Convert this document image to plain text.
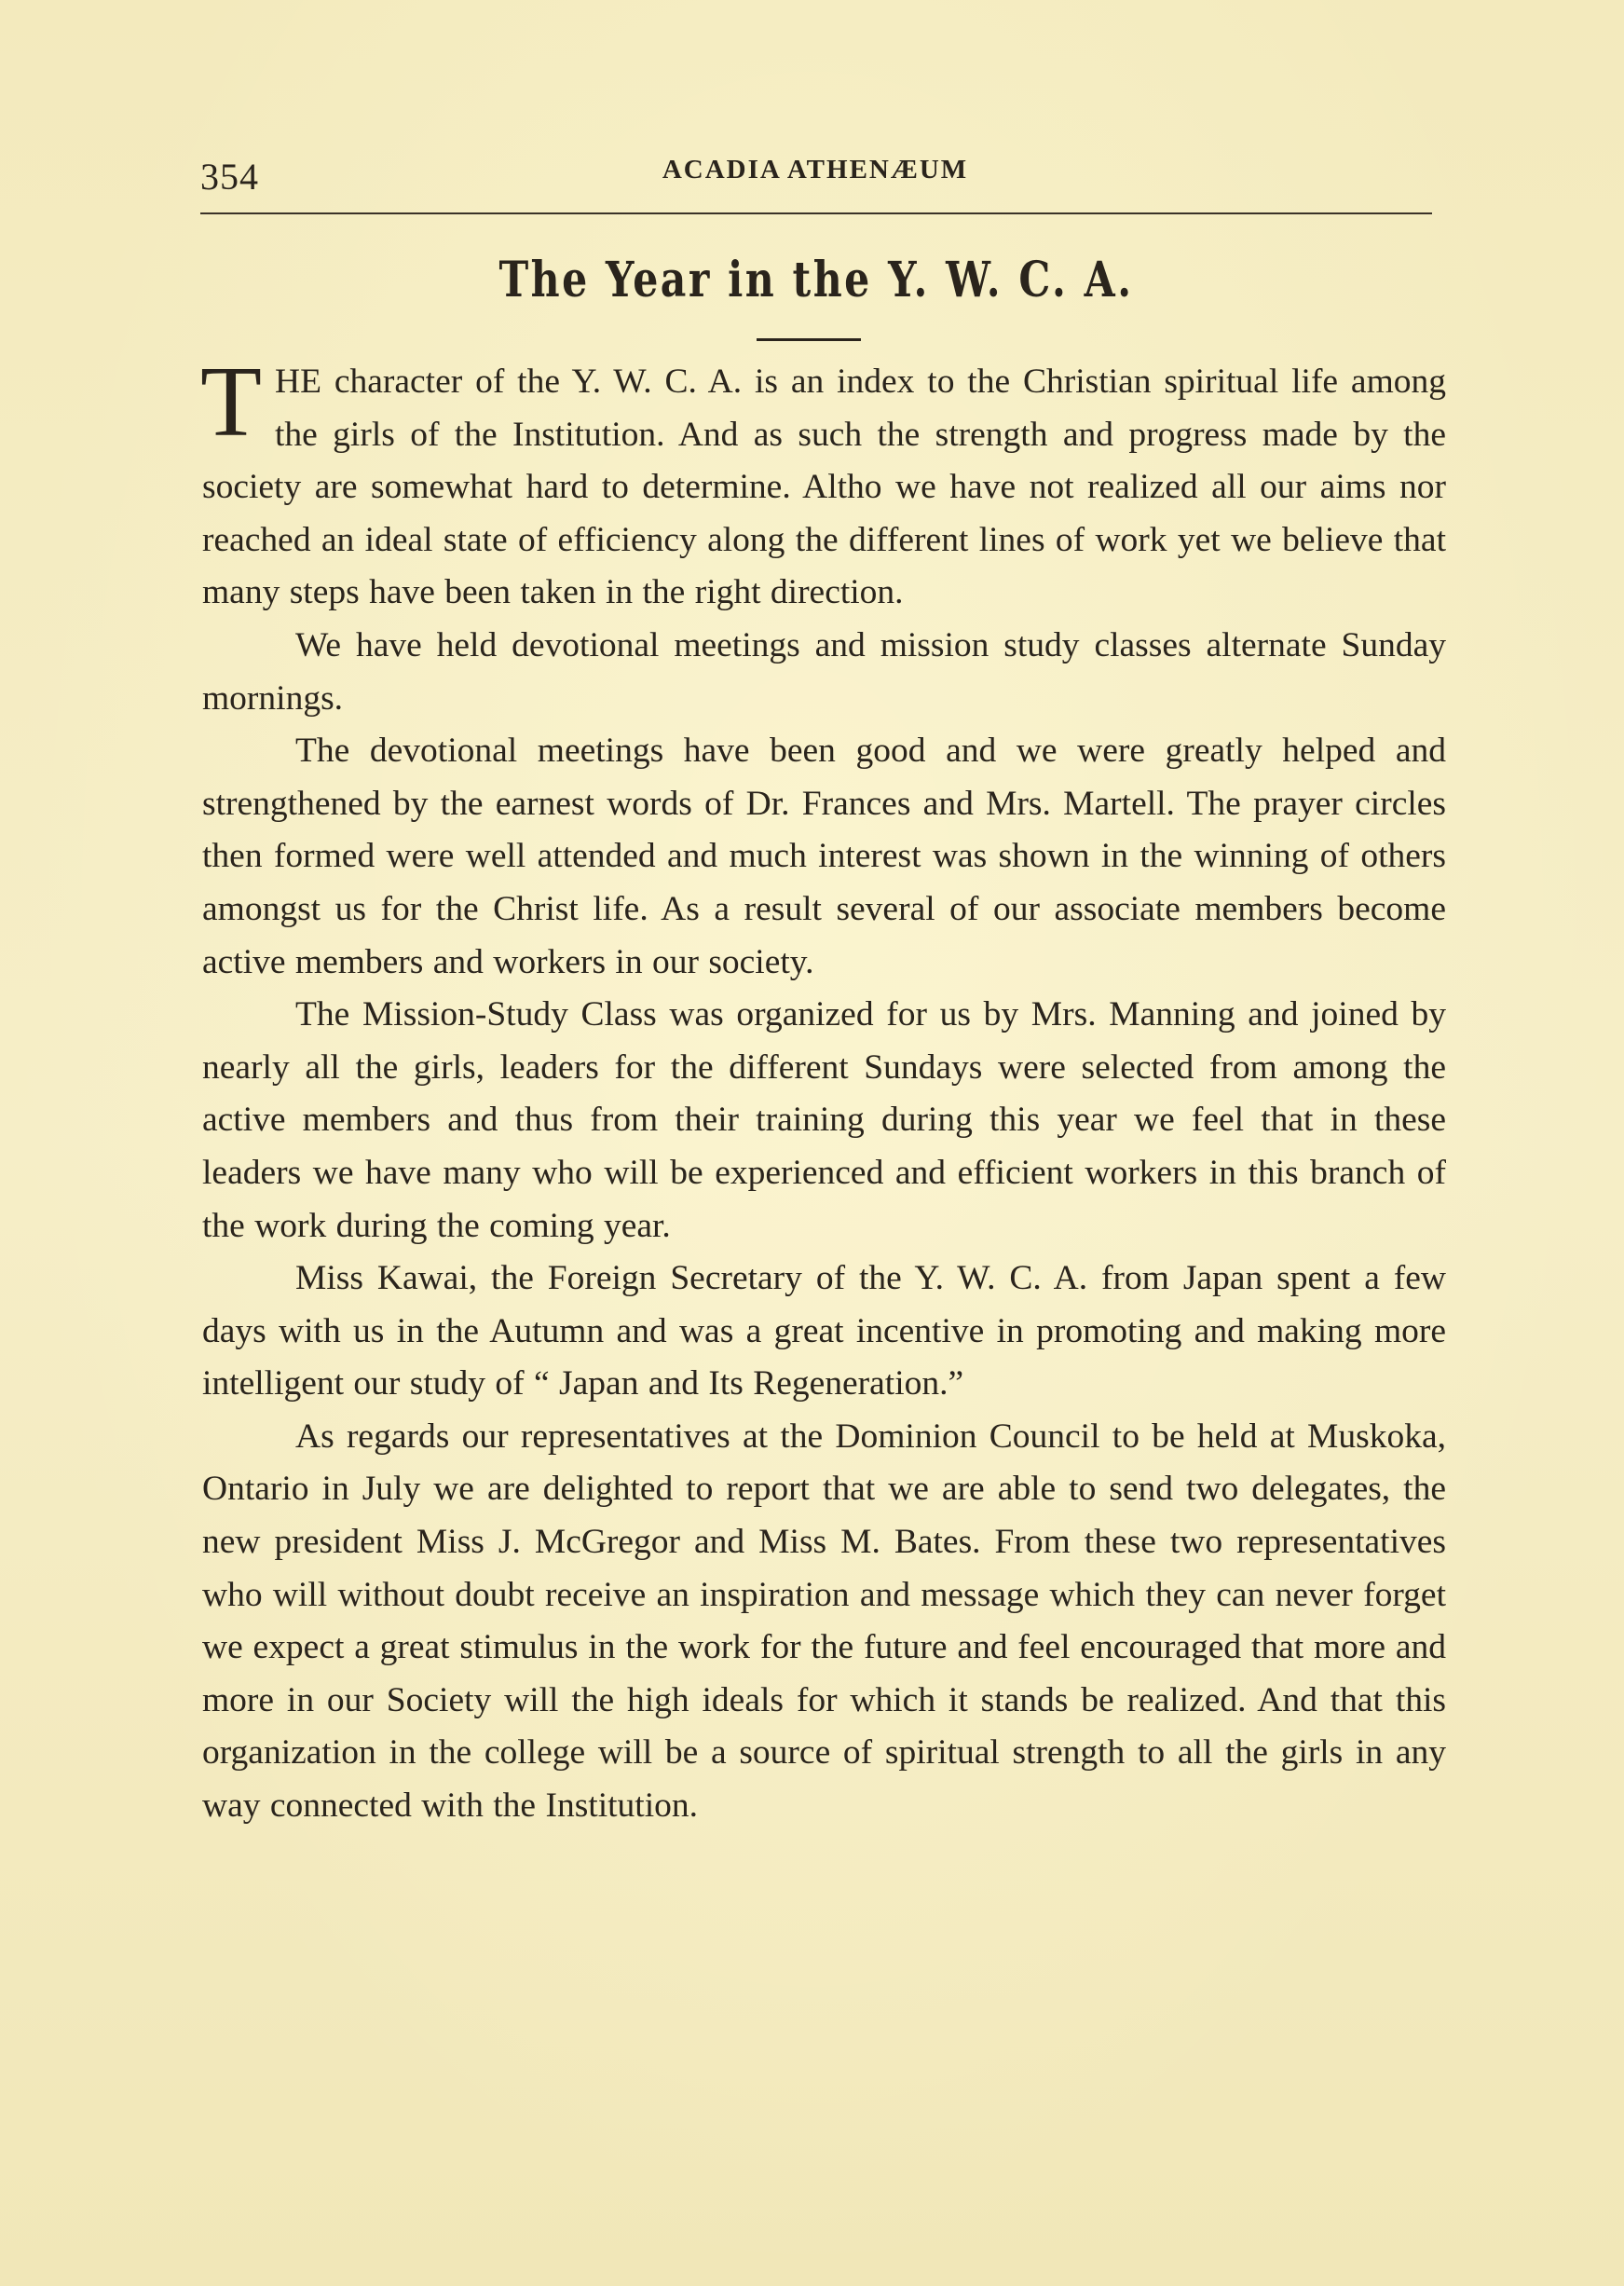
354	ACADIA ATHENÆUM
The Year in the Y. W. C. A.

THE character of the Y. W. C. A. is an index to the Christian spiritual life among the girls of the Institution. And as such the strength and progress made by the society are somewhat hard to determine. Altho we have not realized all our aims nor reached an ideal state of efficiency along the different lines of work yet we believe that many steps have been taken in the right direction.

We have held devotional meetings and mission study classes alternate Sunday mornings.

The devotional meetings have been good and we were greatly helped and strengthened by the earnest words of Dr. Frances and Mrs. Martell. The prayer circles then formed were well attended and much interest was shown in the winning of others amongst us for the Christ life. As a result several of our associate members become active members and workers in our society.

The Mission-Study Class was organized for us by Mrs. Manning and joined by nearly all the girls, leaders for the different Sundays were selected from among the active members and thus from their training during this year we feel that in these leaders we have many who will be experienced and efficient workers in this branch of the work during the coming year.

Miss Kawai, the Foreign Secretary of the Y. W. C. A. from Japan spent a few days with us in the Autumn and was a great incentive in promoting and making more intelligent our study of “ Japan and Its Regeneration.”

As regards our representatives at the Dominion Council to be held at Muskoka, Ontario in July we are delighted to report that we are able to send two delegates, the new president Miss J. McGregor and Miss M. Bates. From these two representatives who will without doubt receive an inspiration and message which they can never forget we expect a great stimulus in the work for the future and feel encouraged that more and more in our Society will the high ideals for which it stands be realized. And that this organization in the college will be a source of spiritual strength to all the girls in any way connected with the Institution.
